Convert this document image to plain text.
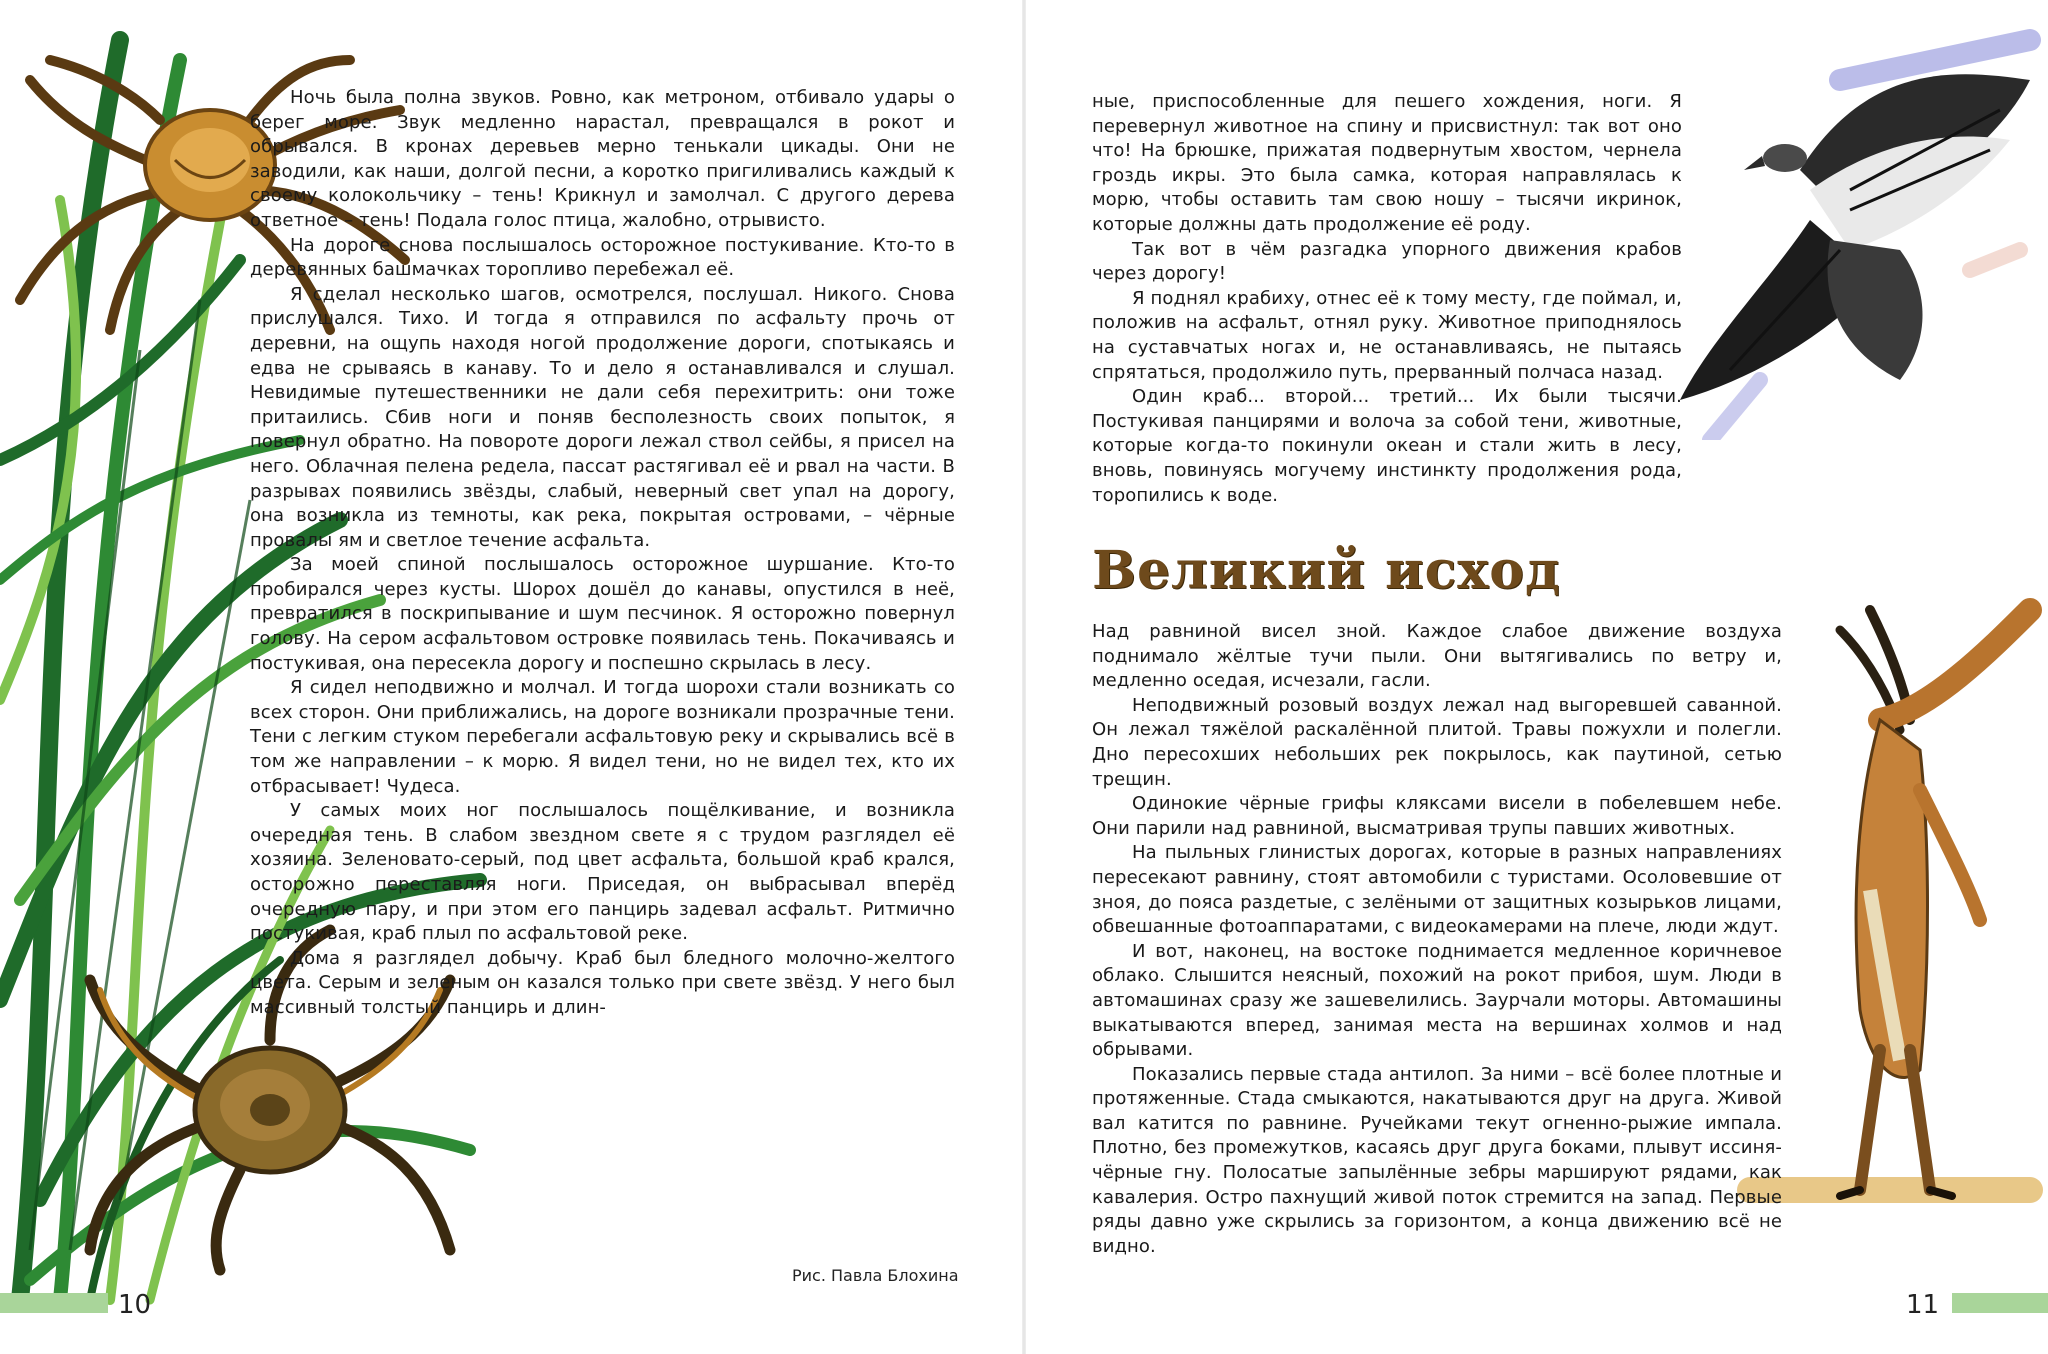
Ночь была полна звуков. Ровно, как метроном, отбивало удары о берег море. Звук медленно нарастал, превращался в рокот и обрывался. В кронах деревьев мерно тенькали цикады. Они не заводили, как наши, долгой песни, а коротко пригиливались каждый к своему колокольчику – тень! Крикнул и замолчал. С другого дерева ответное – тень! Подала голос птица, жалобно, отрывисто.

На дороге снова послышалось осторожное постукивание. Кто-то в деревянных башмачках торопливо перебежал её.

Я сделал несколько шагов, осмотрелся, послушал. Никого. Снова прислушался. Тихо. И тогда я отправился по асфальту прочь от деревни, на ощупь находя ногой продолжение дороги, спотыкаясь и едва не срываясь в канаву. То и дело я останавливался и слушал. Невидимые путешественники не дали себя перехитрить: они тоже притаились. Сбив ноги и поняв бесполезность своих попыток, я повернул обратно. На повороте дороги лежал ствол сейбы, я присел на него. Облачная пелена редела, пассат растягивал её и рвал на части. В разрывах появились звёзды, слабый, неверный свет упал на дорогу, она возникла из темноты, как река, покрытая островами, – чёрные провалы ям и светлое течение асфальта.

За моей спиной послышалось осторожное шуршание. Кто-то пробирался через кусты. Шорох дошёл до канавы, опустился в неё, превратился в поскрипывание и шум песчинок. Я осторожно повернул голову. На сером асфальтовом островке появилась тень. Покачиваясь и постукивая, она пересекла дорогу и поспешно скрылась в лесу.

Я сидел неподвижно и молчал. И тогда шорохи стали возникать со всех сторон. Они приближались, на дороге возникали прозрачные тени. Тени с легким стуком перебегали асфальтовую реку и скрывались всё в том же направлении – к морю. Я видел тени, но не видел тех, кто их отбрасывает! Чудеса.

У самых моих ног послышалось пощёлкивание, и возникла очередная тень. В слабом звездном свете я с трудом разглядел её хозяина. Зеленовато-серый, под цвет асфальта, большой краб крался, осторожно переставляя ноги. Приседая, он выбрасывал вперёд очередную пару, и при этом его панцирь задевал асфальт. Ритмично постукивая, краб плыл по асфальтовой реке.

Дома я разглядел добычу. Краб был бледного молочно-желтого цвета. Серым и зеленым он казался только при свете звёзд. У него был массивный толстый панцирь и длин-

Рис. Павла Блохина
10

ные, приспособленные для пешего хождения, ноги. Я перевернул животное на спину и присвистнул: так вот оно что! На брюшке, прижатая подвернутым хвостом, чернела гроздь икры. Это была самка, которая направлялась к морю, чтобы оставить там свою ношу – тысячи икринок, которые должны дать продолжение её роду.

Так вот в чём разгадка упорного движения крабов через дорогу!

Я поднял крабиху, отнес её к тому месту, где поймал, и, положив на асфальт, отнял руку. Животное приподнялось на суставчатых ногах и, не останавливаясь, не пытаясь спрятаться, продолжило путь, прерванный полчаса назад.

Один краб... второй... третий... Их были тысячи. Постукивая панцирями и волоча за собой тени, животные, которые когда-то покинули океан и стали жить в лесу, вновь, повинуясь могучему инстинкту продолжения рода, торопились к воде.

Великий исход

Над равниной висел зной. Каждое слабое движение воздуха поднимало жёлтые тучи пыли. Они вытягивались по ветру и, медленно оседая, исчезали, гасли.

Неподвижный розовый воздух лежал над выгоревшей саванной. Он лежал тяжёлой раскалённой плитой. Травы пожухли и полегли. Дно пересохших небольших рек покрылось, как паутиной, сетью трещин.

Одинокие чёрные грифы кляксами висели в побелевшем небе. Они парили над равниной, высматривая трупы павших животных.

На пыльных глинистых дорогах, которые в разных направлениях пересекают равнину, стоят автомобили с туристами. Осоловевшие от зноя, до пояса раздетые, с зелёными от защитных козырьков лицами, обвешанные фотоаппаратами, с видеокамерами на плече, люди ждут.

И вот, наконец, на востоке поднимается медленное коричневое облако. Слышится неясный, похожий на рокот прибоя, шум. Люди в автомашинах сразу же зашевелились. Заурчали моторы. Автомашины выкатываются вперед, занимая места на вершинах холмов и над обрывами.

Показались первые стада антилоп. За ними – всё более плотные и протяженные. Стада смыкаются, накатываются друг на друга. Живой вал катится по равнине. Ручейками текут огненно-рыжие импала. Плотно, без промежутков, касаясь друг друга боками, плывут иссиня-чёрные гну. Полосатые запылённые зебры маршируют рядами, как кавалерия. Остро пахнущий живой поток стремится на запад. Первые ряды давно уже скрылись за горизонтом, а конца движению всё не видно.

11
